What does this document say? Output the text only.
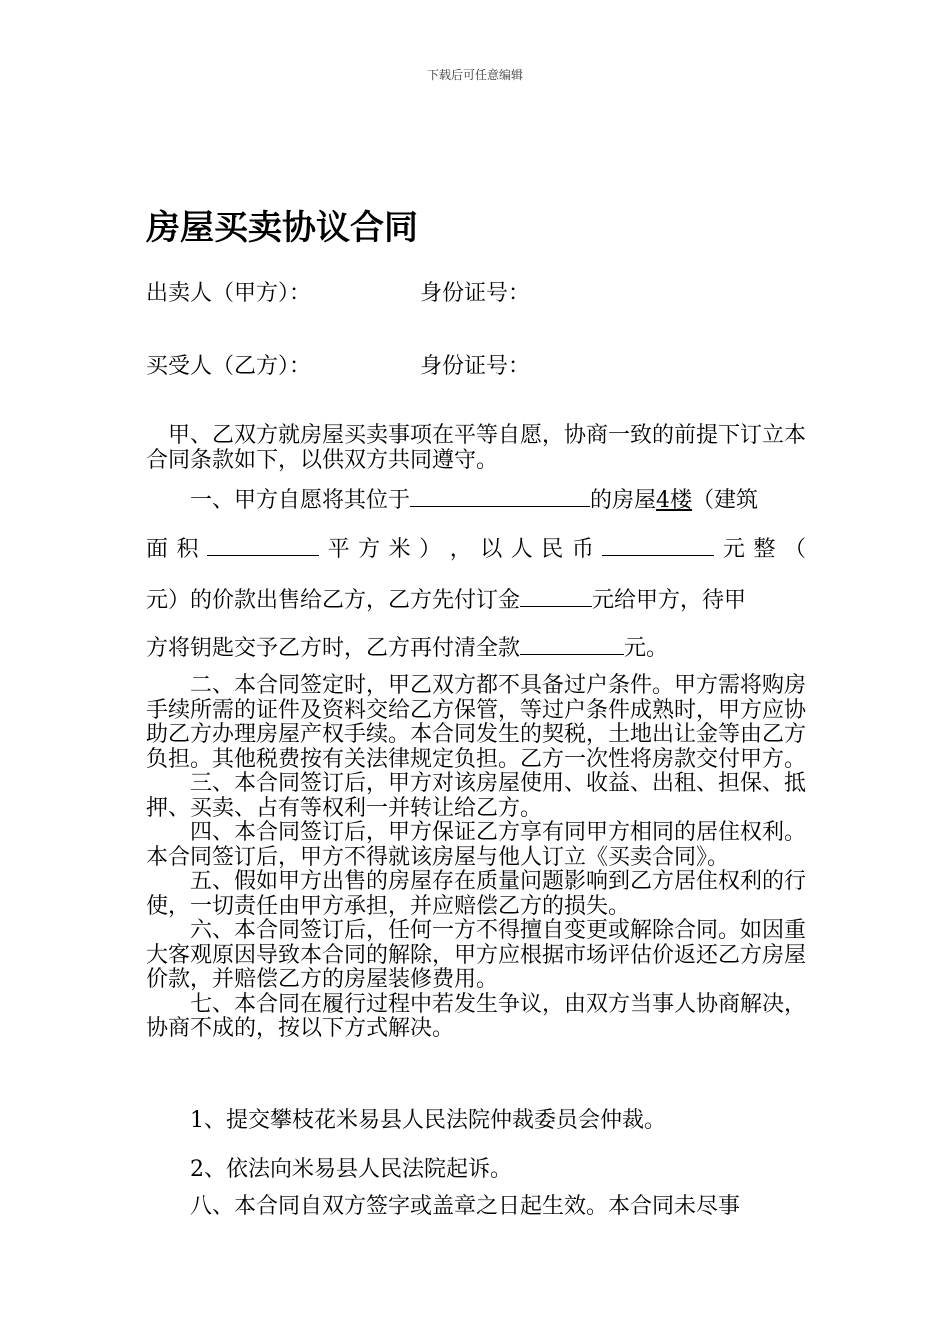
下载后可任意编辑
房屋买卖协议合同
出卖人（甲方）：	身份证号：
买受人（乙方）：	身份证号：

甲、乙双方就房屋买卖事项在平等自愿，协商一致的前提下订立本合同条款如下，以供双方共同遵守。

一、甲方自愿将其位于	的房屋4楼（建筑
面 积	平 方 米 ） ， 以 人 民 币	元 整 （
元）的价款出售给乙方，乙方先付订金	元给甲方，待甲
方将钥匙交予乙方时，乙方再付清全款	元。

二、本合同签定时，甲乙双方都不具备过户条件。甲方需将购房手续所需的证件及资料交给乙方保管，等过户条件成熟时，甲方应协助乙方办理房屋产权手续。本合同发生的契税，土地出让金等由乙方负担。其他税费按有关法律规定负担。乙方一次性将房款交付甲方。

三、本合同签订后，甲方对该房屋使用、收益、出租、担保、抵押、买卖、占有等权利一并转让给乙方。

四、本合同签订后，甲方保证乙方享有同甲方相同的居住权利。本合同签订后，甲方不得就该房屋与他人订立《买卖合同》。

五、假如甲方出售的房屋存在质量问题影响到乙方居住权利的行使，一切责任由甲方承担，并应赔偿乙方的损失。

六、本合同签订后，任何一方不得擅自变更或解除合同。如因重大客观原因导致本合同的解除，甲方应根据市场评估价返还乙方房屋价款，并赔偿乙方的房屋装修费用。

七、本合同在履行过程中若发生争议，由双方当事人协商解决，协商不成的，按以下方式解决。

1、提交攀枝花米易县人民法院仲裁委员会仲裁。
2、依法向米易县人民法院起诉。
八、本合同自双方签字或盖章之日起生效。本合同未尽事
